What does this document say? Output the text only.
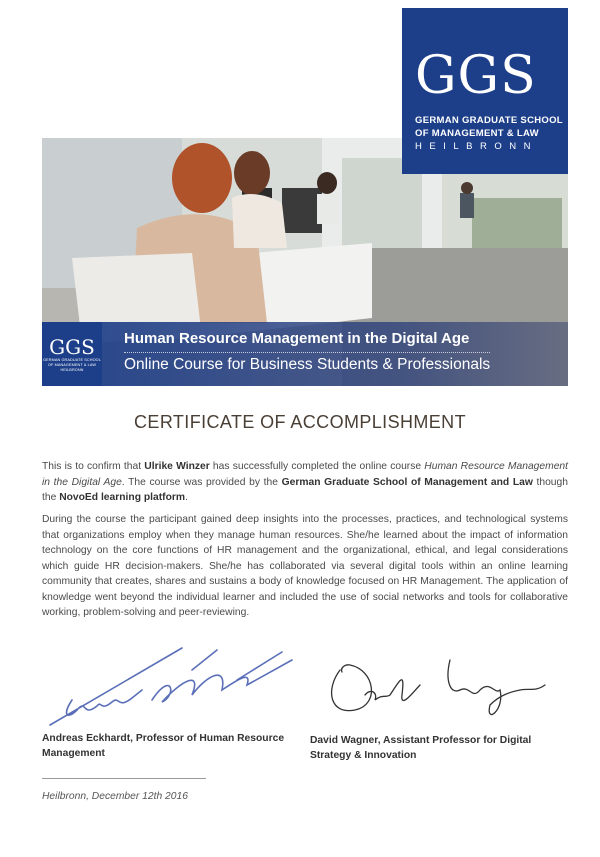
GGS
GERMAN GRADUATE SCHOOL
OF MANAGEMENT & LAW
HEILBRONN
GGS
GERMAN GRADUATE SCHOOL
OF MANAGEMENT & LAW
HEILBRONN
Human Resource Management in the Digital Age
Online Course for Business Students & Professionals
CERTIFICATE OF ACCOMPLISHMENT
This is to confirm that Ulrike Winzer has successfully completed the online course Human Resource Management in the Digital Age. The course was provided by the German Graduate School of Management and Law though the NovoEd learning platform.
During the course the participant gained deep insights into the processes, practices, and technological systems that organizations employ when they manage human resources. She/he learned about the impact of information technology on the core functions of HR management and the organizational, ethical, and legal considerations which guide HR decision-makers. She/he has collaborated via several digital tools within an online learning community that creates, shares and sustains a body of knowledge focused on HR Management. The application of knowledge went beyond the individual learner and included the use of social networks and tools for collaborative working, problem-solving and peer-reviewing.
Andreas Eckhardt, Professor of Human Resource Management
David Wagner, Assistant Professor for Digital Strategy & Innovation
Heilbronn, December 12th 2016
